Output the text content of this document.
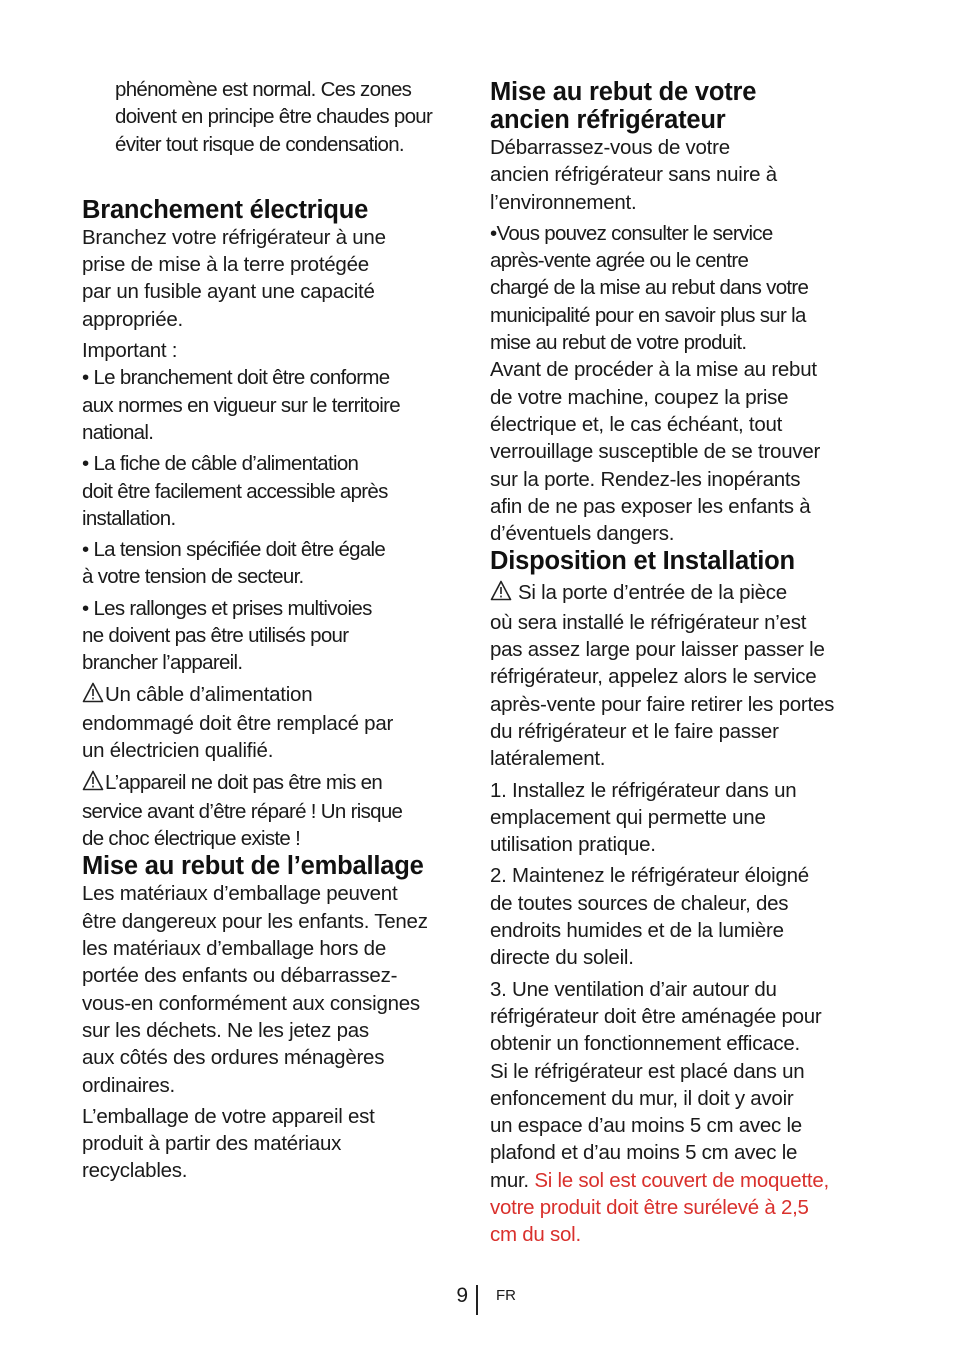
phénomène est normal. Ces zones

doivent en principe être chaudes pour

éviter tout risque de condensation.

Branchement électrique

Branchez votre réfrigérateur à une

prise de mise à la terre protégée

par un fusible ayant une capacité

appropriée.

Important :

• Le branchement doit être conforme

aux normes en vigueur sur le territoire

national.

• La fiche de câble d’alimentation

doit être facilement accessible après

installation.

• La tension spécifiée doit être égale

à votre tension de secteur.

• Les rallonges et prises multivoies

ne doivent pas être utilisés pour

brancher l’appareil.

Un câble d’alimentation

endommagé doit être remplacé par

un électricien qualifié.

L’appareil ne doit pas être mis en

service avant d’être réparé ! Un risque

de choc électrique existe !

Mise au rebut de l’emballage

Les matériaux d’emballage peuvent

être dangereux pour les enfants. Tenez

les matériaux d’emballage hors de

portée des enfants ou débarrassez-

vous-en conformément aux consignes

sur les déchets. Ne les jetez pas

aux côtés des ordures ménagères

ordinaires.

L’emballage de votre appareil est

produit à partir des matériaux

recyclables.

Mise au rebut de votre
ancien réfrigérateur

Débarrassez-vous de votre

ancien réfrigérateur sans nuire à

l’environnement.

•Vous pouvez consulter le service

après-vente agrée ou le centre

chargé de la mise au rebut dans votre

municipalité pour en savoir plus sur la

mise au rebut de votre produit.

Avant de procéder à la mise au rebut

de votre machine, coupez la prise

électrique et, le cas échéant, tout

verrouillage susceptible de se trouver

sur la porte. Rendez-les inopérants

afin de ne pas exposer les enfants à

d’éventuels dangers.

Disposition et Installation

Si la porte d’entrée de la pièce

où sera installé le réfrigérateur n’est

pas assez large pour laisser passer le

réfrigérateur, appelez alors le service

après-vente pour faire retirer les portes

du réfrigérateur et le faire passer

latéralement.

1. Installez le réfrigérateur dans un

emplacement qui permette une

utilisation pratique.

2. Maintenez le réfrigérateur éloigné

de toutes sources de chaleur, des

endroits humides et de la lumière

directe du soleil.

3. Une ventilation d’air autour du

réfrigérateur doit être aménagée pour

obtenir un fonctionnement efficace.

Si le réfrigérateur est placé dans un

enfoncement du mur, il doit y avoir

un espace d’au moins 5 cm avec le

plafond et d’au moins 5 cm avec le

mur. Si le sol est couvert de moquette,

votre produit doit être surélevé à 2,5

cm du sol.

9 FR
